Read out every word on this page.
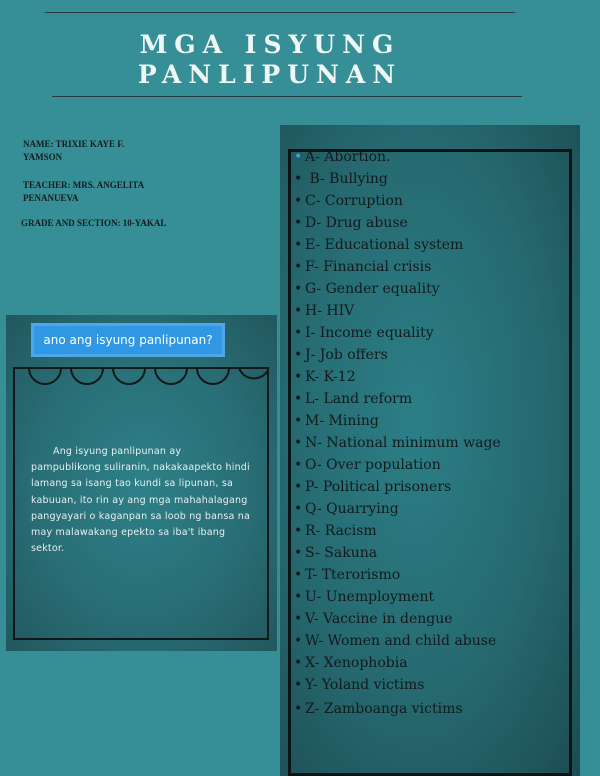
MGA ISYUNG
PANLIPUNAN
NAME: TRIXIE KAYE F.
YAMSON
TEACHER: MRS. ANGELITA
PENANUEVA
GRADE AND SECTION: 10-YAKAL
ano ang isyung panlipunan?
Ang isyung panlipunan ay pampublikong suliranin, nakakaapekto hindi lamang sa isang tao kundi sa lipunan, sa kabuuan, ito rin ay ang mga mahahalagang pangyayari o kaganpan sa loob ng bansa na may malawakang epekto sa iba't ibang sektor.
• A- Abortion.
• B- Bullying
• C- Corruption
• D- Drug abuse
• E- Educational system
• F- Financial crisis
• G- Gender equality
• H- HIV
• I- Income equality
• J- Job offers
• K- K-12
• L- Land reform
• M- Mining
• N- National minimum wage
• O- Over population
• P- Political prisoners
• Q- Quarrying
• R- Racism
• S- Sakuna
• T- Tterorismo
• U- Unemployment
• V- Vaccine in dengue
• W- Women and child abuse
• X- Xenophobia
• Y- Yoland victims
• Z- Zamboanga victims
